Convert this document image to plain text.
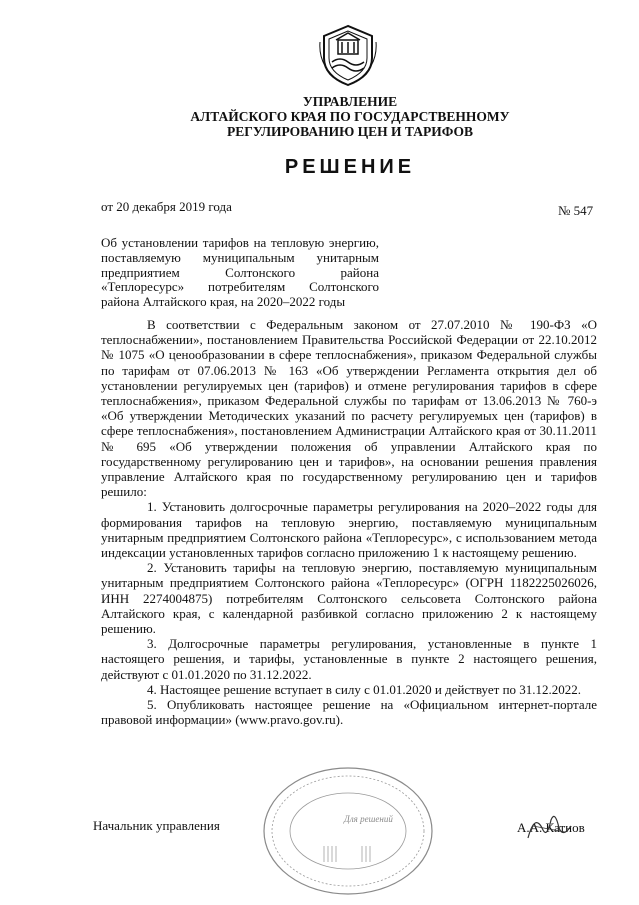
УПРАВЛЕНИЕ
АЛТАЙСКОГО КРАЯ ПО ГОСУДАРСТВЕННОМУ
РЕГУЛИРОВАНИЮ ЦЕН И ТАРИФОВ
РЕШЕНИЕ
от 20 декабря 2019 года	№ 547
Об установлении тарифов на тепловую энергию, поставляемую муниципальным унитарным предприятием Солтонского района «Теплоресурс» потребителям Солтонского района Алтайского края, на 2020–2022 годы

В соответствии с Федеральным законом от 27.07.2010 № 190-ФЗ «О теплоснабжении», постановлением Правительства Российской Федерации от 22.10.2012 № 1075 «О ценообразовании в сфере теплоснабжения», приказом Федеральной службы по тарифам от 07.06.2013 № 163 «Об утверждении Регламента открытия дел об установлении регулируемых цен (тарифов) и отмене регулирования тарифов в сфере теплоснабжения», приказом Федеральной службы по тарифам от 13.06.2013 № 760-э «Об утверждении Методических указаний по расчету регулируемых цен (тарифов) в сфере теплоснабжения», постановлением Администрации Алтайского края от 30.11.2011 № 695 «Об утверждении положения об управлении Алтайского края по государственному регулированию цен и тарифов», на основании решения правления управление Алтайского края по государственному регулированию цен и тарифов решило:

1. Установить долгосрочные параметры регулирования на 2020–2022 годы для формирования тарифов на тепловую энергию, поставляемую муниципальным унитарным предприятием Солтонского района «Теплоресурс», с использованием метода индексации установленных тарифов согласно приложению 1 к настоящему решению.

2. Установить тарифы на тепловую энергию, поставляемую муниципальным унитарным предприятием Солтонского района «Теплоресурс» (ОГРН 1182225026026, ИНН 2274004875) потребителям Солтонского сельсовета Солтонского района Алтайского края, с календарной разбивкой согласно приложению 2 к настоящему решению.

3. Долгосрочные параметры регулирования, установленные в пункте 1 настоящего решения, и тарифы, установленные в пункте 2 настоящего решения, действуют с 01.01.2020 по 31.12.2022.

4. Настоящее решение вступает в силу с 01.01.2020 и действует по 31.12.2022.

5. Опубликовать настоящее решение на «Официальном интернет-портале правовой информации» (www.pravo.gov.ru).

Для решений
Начальник управления	А.А. Катнов
